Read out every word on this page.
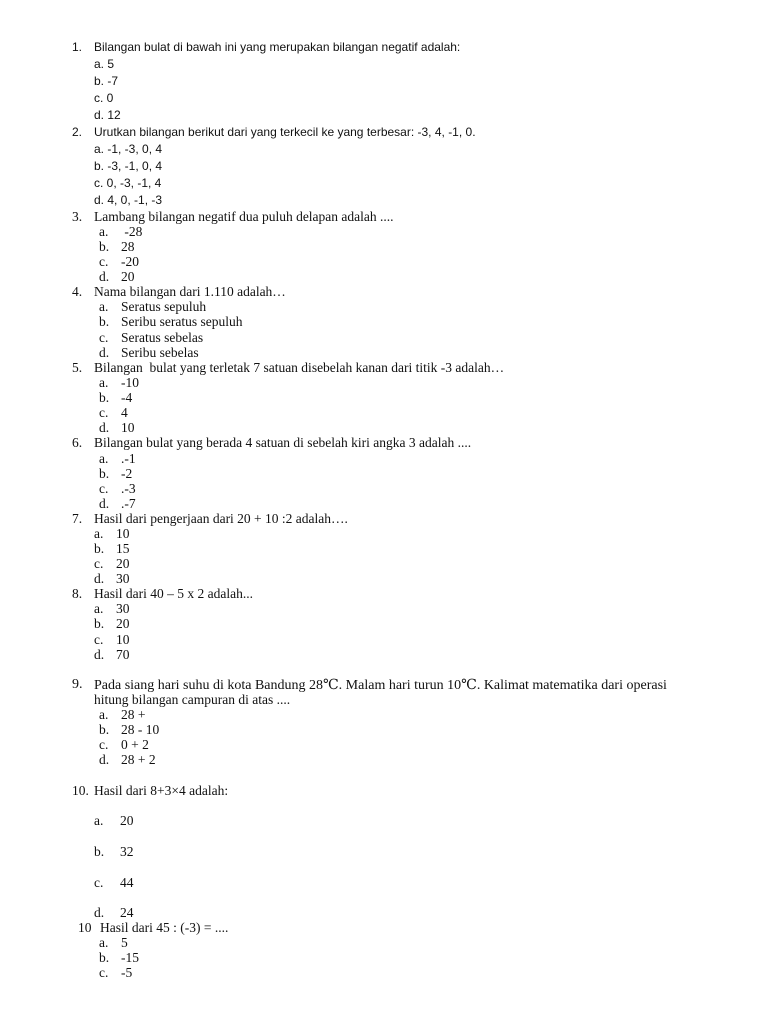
1. Bilangan bulat di bawah ini yang merupakan bilangan negatif adalah:
a. 5
b. -7
c. 0
d. 12
2. Urutkan bilangan berikut dari yang terkecil ke yang terbesar: -3, 4, -1, 0.
a. -1, -3, 0, 4
b. -3, -1, 0, 4
c. 0, -3, -1, 4
d. 4, 0, -1, -3
3. Lambang bilangan negatif dua puluh delapan adalah ....
a. -28
b. 28
c. -20
d. 20
4. Nama bilangan dari 1.110 adalah…
a. Seratus sepuluh
b. Seribu seratus sepuluh
c. Seratus sebelas
d. Seribu sebelas
5. Bilangan  bulat yang terletak 7 satuan disebelah kanan dari titik -3 adalah…
a. -10
b. -4
c. 4
d. 10
6. Bilangan bulat yang berada 4 satuan di sebelah kiri angka 3 adalah ....
a. .-1
b. -2
c. .-3
d. .-7
7. Hasil dari pengerjaan dari 20 + 10 :2 adalah….
a. 10
b. 15
c. 20
d. 30
8. Hasil dari 40 – 5 x 2 adalah...
a. 30
b. 20
c. 10
d. 70
9. Pada siang hari suhu di kota Bandung 28℃. Malam hari turun 10℃. Kalimat matematika dari operasi
hitung bilangan campuran di atas ....
a. 28 +
b. 28 - 10
c. 0 + 2
d. 28 + 2
10. Hasil dari 8+3×4 adalah:
a. 20
b. 32
c. 44
d. 24
10 Hasil dari 45 : (-3) = ....
a. 5
b. -15
c. -5
